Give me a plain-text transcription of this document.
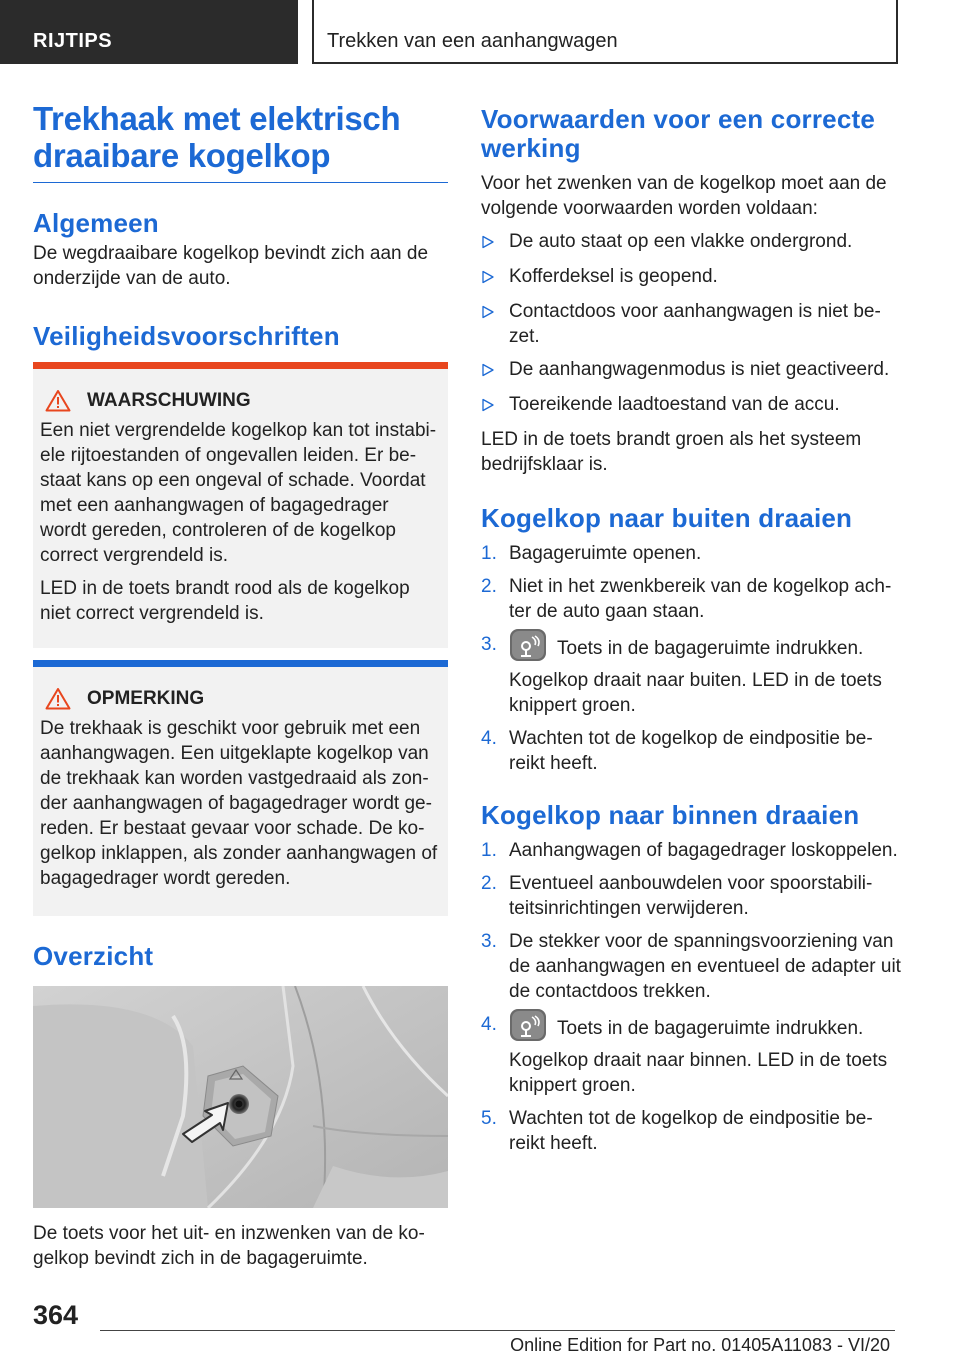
RIJTIPS	Trekken van een aanhangwagen
Trekhaak met elektrisch draaibare kogelkop
Algemeen

De wegdraaibare kogelkop bevindt zich aan de onderzijde van de auto.

Veiligheidsvoorschriften
WAARSCHUWING

Een niet vergrendelde kogelkop kan tot instabiele rijtoestanden of ongevallen leiden. Er bestaat kans op een ongeval of schade. Voordat met een aanhangwagen of bagagedrager wordt gereden, controleren of de kogelkop correct vergrendeld is.

LED in de toets brandt rood als de kogelkop niet correct vergrendeld is.

OPMERKING

De trekhaak is geschikt voor gebruik met een aanhangwagen. Een uitgeklapte kogelkop van de trekhaak kan worden vastgedraaid als zonder aanhangwagen of bagagedrager wordt gereden. Er bestaat gevaar voor schade. De kogelkop inklappen, als zonder aanhangwagen of bagagedrager wordt gereden.

Overzicht

De toets voor het uit- en inzwenken van de kogelkop bevindt zich in de bagageruimte.

Voorwaarden voor een correcte werking

Voor het zwenken van de kogelkop moet aan de volgende voorwaarden worden voldaan:

De auto staat op een vlakke ondergrond.
Kofferdeksel is geopend.
Contactdoos voor aanhangwagen is niet bezet.
De aanhangwagenmodus is niet geactiveerd.
Toereikende laadtoestand van de accu.

LED in de toets brandt groen als het systeem bedrijfsklaar is.

Kogelkop naar buiten draaien
1. Bagageruimte openen.
2. Niet in het zwenkbereik van de kogelkop achter de auto gaan staan.
3.	Toets in de bagageruimte indrukken.
Kogelkop draait naar buiten. LED in de toets knippert groen.
4. Wachten tot de kogelkop de eindpositie bereikt heeft.
Kogelkop naar binnen draaien
1. Aanhangwagen of bagagedrager loskoppelen.
2. Eventueel aanbouwdelen voor spoorstabiliteitsinrichtingen verwijderen.
3. De stekker voor de spanningsvoorziening van de aanhangwagen en eventueel de adapter uit de contactdoos trekken.
4.	Toets in de bagageruimte indrukken.
Kogelkop draait naar binnen. LED in de toets knippert groen.
5. Wachten tot de kogelkop de eindpositie bereikt heeft.
364
Online Edition for Part no. 01405A11083 - VI/20
